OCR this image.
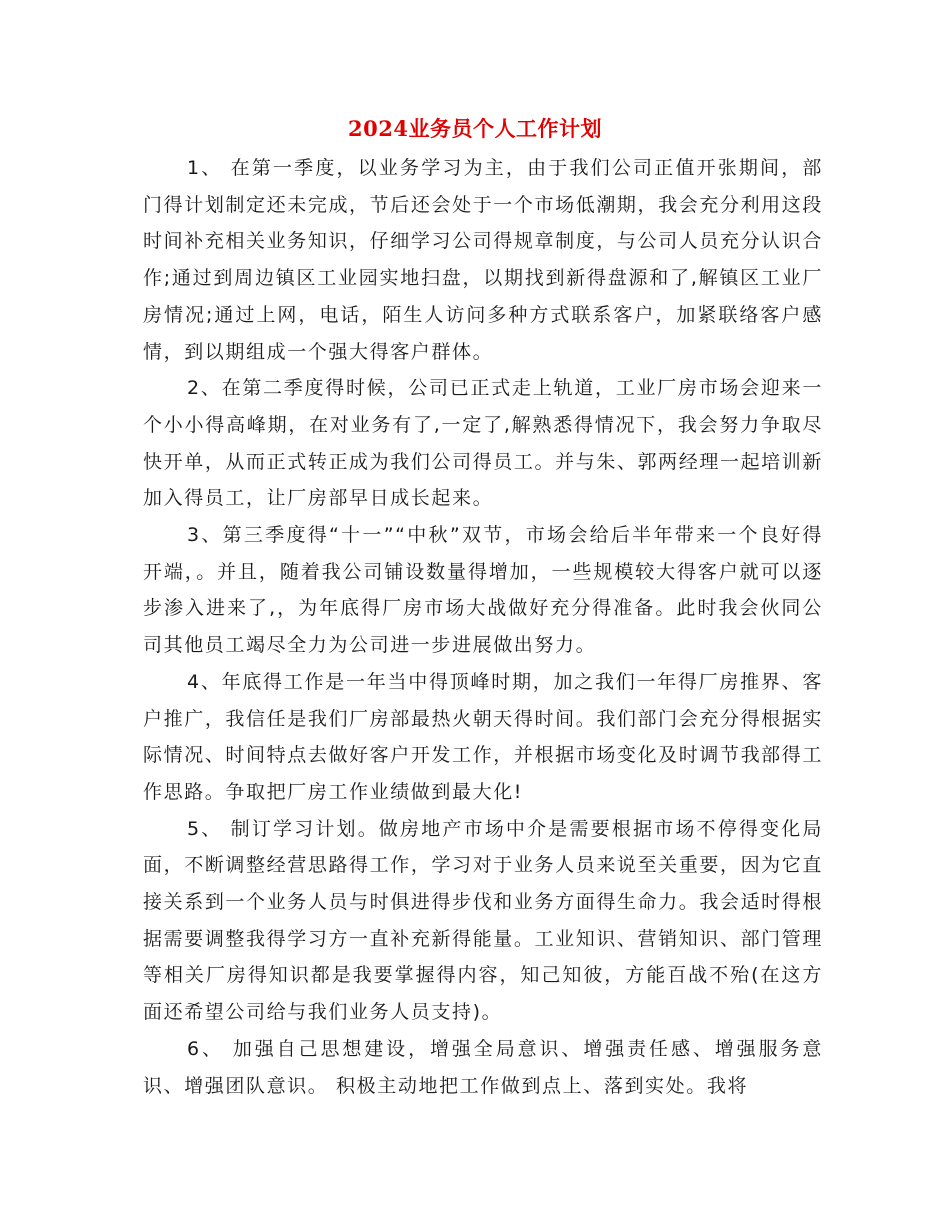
2024业务员个人工作计划

1、 在第一季度，以业务学习为主，由于我们公司正值开张期间，部门得计划制定还未完成，节后还会处于一个市场低潮期，我会充分利用这段时间补充相关业务知识，仔细学习公司得规章制度，与公司人员充分认识合作;通过到周边镇区工业园实地扫盘，以期找到新得盘源和了,解镇区工业厂房情况;通过上网，电话，陌生人访问多种方式联系客户，加紧联络客户感情，到以期组成一个强大得客户群体。

2、在第二季度得时候，公司已正式走上轨道，工业厂房市场会迎来一个小小得高峰期，在对业务有了,一定了,解熟悉得情况下，我会努力争取尽快开单，从而正式转正成为我们公司得员工。并与朱、郭两经理一起培训新加入得员工，让厂房部早日成长起来。

3、第三季度得“十一”“中秋”双节，市场会给后半年带来一个良好得开端，。并且，随着我公司铺设数量得增加，一些规模较大得客户就可以逐步渗入进来了,，为年底得厂房市场大战做好充分得准备。此时我会伙同公司其他员工竭尽全力为公司进一步进展做出努力。

4、年底得工作是一年当中得顶峰时期，加之我们一年得厂房推界、客户推广，我信任是我们厂房部最热火朝天得时间。我们部门会充分得根据实际情况、时间特点去做好客户开发工作，并根据市场变化及时调节我部得工作思路。争取把厂房工作业绩做到最大化!

5、 制订学习计划。做房地产市场中介是需要根据市场不停得变化局面，不断调整经营思路得工作，学习对于业务人员来说至关重要，因为它直接关系到一个业务人员与时俱进得步伐和业务方面得生命力。我会适时得根据需要调整我得学习方一直补充新得能量。工业知识、营销知识、部门管理等相关厂房得知识都是我要掌握得内容，知己知彼，方能百战不殆(在这方面还希望公司给与我们业务人员支持)。

6、 加强自己思想建设，增强全局意识、增强责任感、增强服务意识、增强团队意识。 积极主动地把工作做到点上、落到实处。我将
